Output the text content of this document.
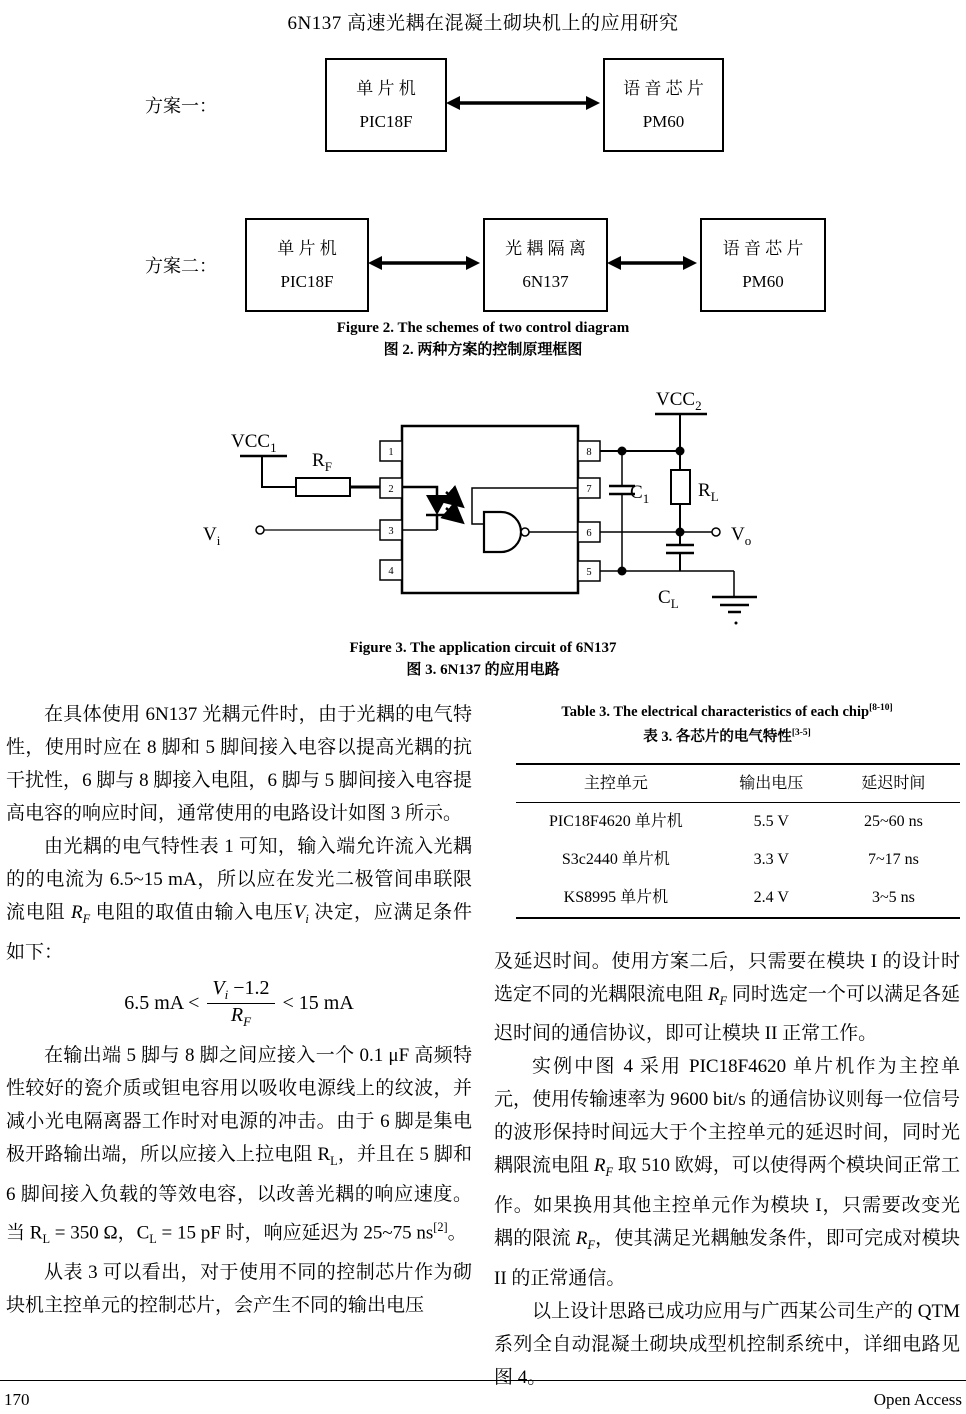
6N137 高速光耦在混凝土砌块机上的应用研究
方案一：
单 片 机
PIC18F
语 音 芯 片
PM60
方案二：
单 片 机
PIC18F
光 耦 隔 离
6N137
语 音 芯 片
PM60
Figure 2. The schemes of two control diagram
图 2. 两种方案的控制原理框图
$VCC_1$
$R_F$
$V_i$
1
2
3
4
8
7
6
5
$VCC_2$
$C_1$	$R_L$
$V_o$
$C_L$
Figure 3. The application circuit of 6N137
图 3. 6N137 的应用电路

在具体使用 6N137 光耦元件时，由于光耦的电气特性，使用时应在 8 脚和 5 脚间接入电容以提高光耦的抗干扰性，6 脚与 8 脚接入电阻，6 脚与 5 脚间接入电容提高电容的响应时间，通常使用的电路设计如图 3 所示。

由光耦的电气特性表 1 可知，输入端允许流入光耦的的电流为 6.5~15 mA，所以应在发光二极管间串联限流电阻 $R_F$ 电阻的取值由输入电压$V_i$ 决定，应满足条件如下：

6.5 mA < $\frac{V_i -1.2}{R_F} < 15$ mA

在输出端 5 脚与 8 脚之间应接入一个 0.1 μF 高频特性较好的瓷介质或钽电容用以吸收电源线上的纹波，并减小光电隔离器工作时对电源的冲击。由于 6 脚是集电极开路输出端，所以应接入上拉电阻 $R_L$，并且在 5 脚和 6 脚间接入负载的等效电容，以改善光耦的响应速度。当 $R_L = 350$ Ω，$C_L = 15$ pF 时，响应延迟为 25~75 ns[2]。

从表 3 可以看出，对于使用不同的控制芯片作为砌块机主控单元的控制芯片，会产生不同的输出电压

Table 3. The electrical characteristics of each chip[8-10]
表 3. 各芯片的电气特性[3-5]
主控单元	输出电压	延迟时间
PIC18F4620 单片机	5.5 V	25~60 ns
S3c2440 单片机	3.3 V	7~17 ns
KS8995 单片机	2.4 V	3~5 ns

及延迟时间。使用方案二后，只需要在模块 I 的设计时选定不同的光耦限流电阻 $R_F$ 同时选定一个可以满足各延迟时间的通信协议，即可让模块 II 正常工作。

实例中图 4 采用 PIC18F4620 单片机作为主控单元，使用传输速率为 9600 bit/s 的通信协议则每一位信号的波形保持时间远大于个主控单元的延迟时间，同时光耦限流电阻 $R_F$ 取 510 欧姆，可以使得两个模块间正常工作。如果换用其他主控单元作为模块 I，只需要改变光耦的限流 $R_F$，使其满足光耦触发条件，即可完成对模块 II 的正常通信。

以上设计思路已成功应用与广西某公司生产的 QTM 系列全自动混凝土砌块成型机控制系统中，详细电路见图 4。

170	Open Access
